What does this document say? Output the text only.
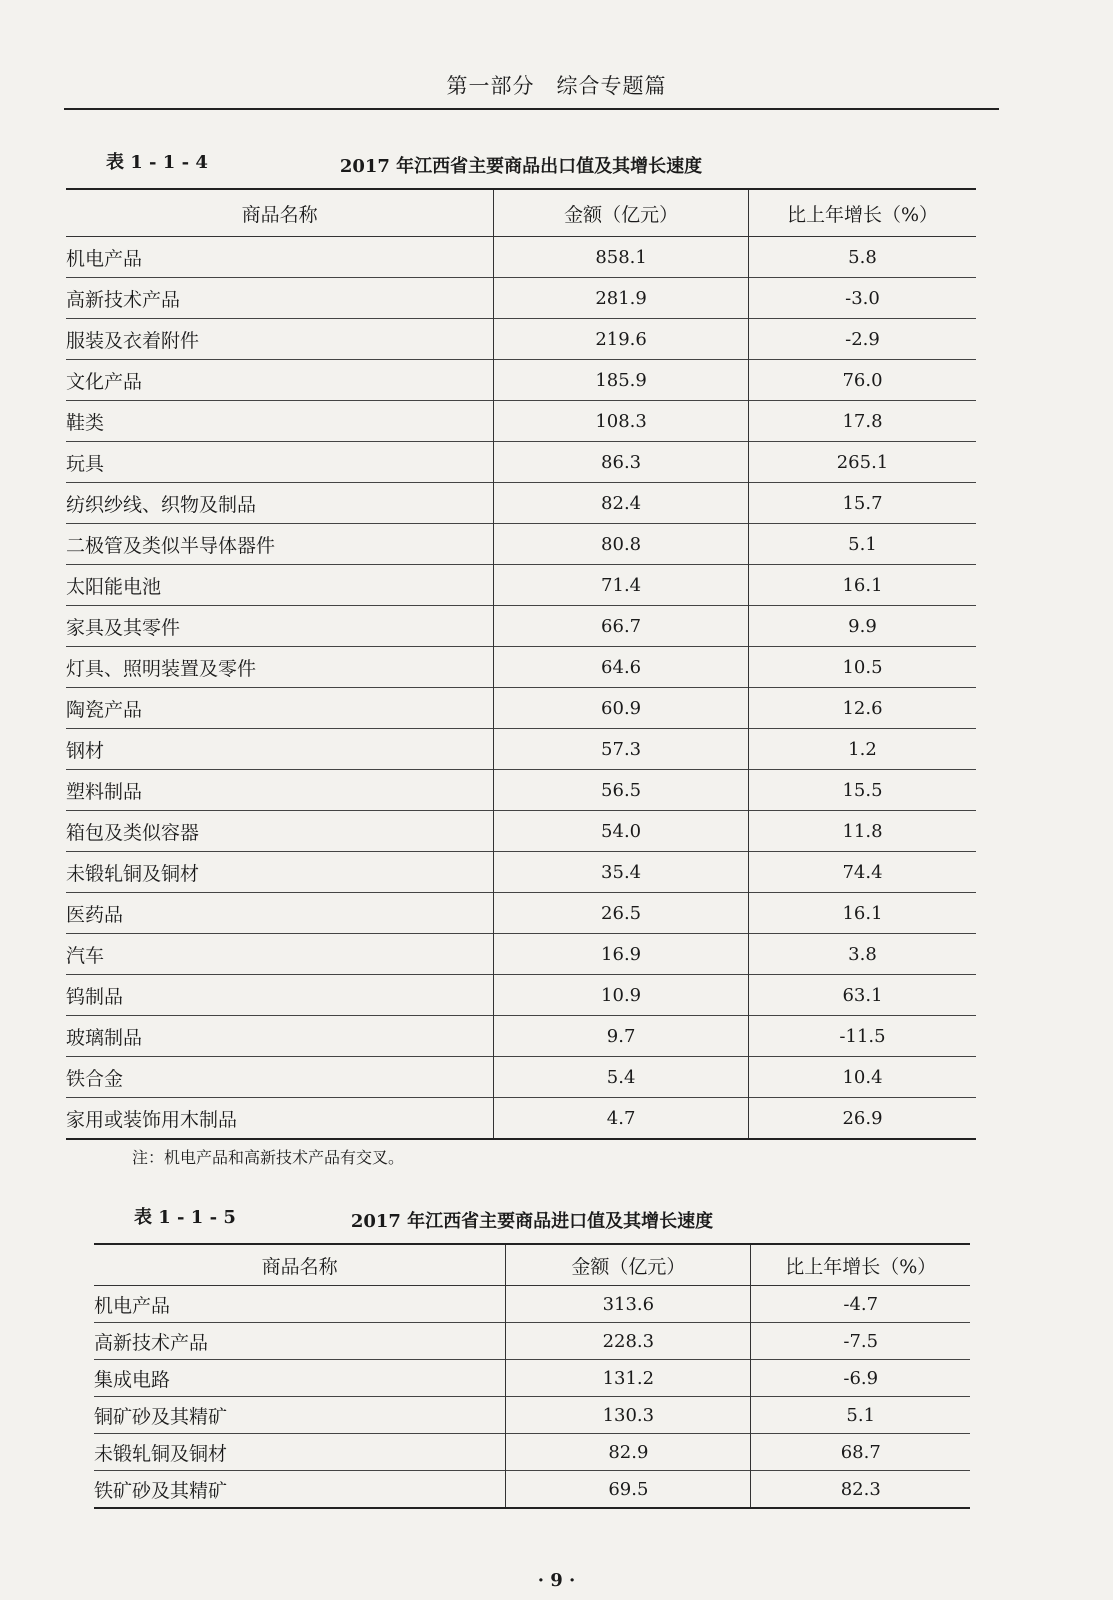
第一部分　综合专题篇
表 1 - 1 - 4	2017 年江西省主要商品出口值及其增长速度
商品名称	金额（亿元）	比上年增长（%）
机电产品	858.1	5.8
高新技术产品	281.9	-3.0
服装及衣着附件	219.6	-2.9
文化产品	185.9	76.0
鞋类	108.3	17.8
玩具	86.3	265.1
纺织纱线、织物及制品	82.4	15.7
二极管及类似半导体器件	80.8	5.1
太阳能电池	71.4	16.1
家具及其零件	66.7	9.9
灯具、照明装置及零件	64.6	10.5
陶瓷产品	60.9	12.6
钢材	57.3	1.2
塑料制品	56.5	15.5
箱包及类似容器	54.0	11.8
未锻轧铜及铜材	35.4	74.4
医药品	26.5	16.1
汽车	16.9	3.8
钨制品	10.9	63.1
玻璃制品	9.7	-11.5
铁合金	5.4	10.4
家用或装饰用木制品	4.7	26.9
注：机电产品和高新技术产品有交叉。
表 1 - 1 - 5	2017 年江西省主要商品进口值及其增长速度
商品名称	金额（亿元）	比上年增长（%）
机电产品	313.6	-4.7
高新技术产品	228.3	-7.5
集成电路	131.2	-6.9
铜矿砂及其精矿	130.3	5.1
未锻轧铜及铜材	82.9	68.7
铁矿砂及其精矿	69.5	82.3
· 9 ·
